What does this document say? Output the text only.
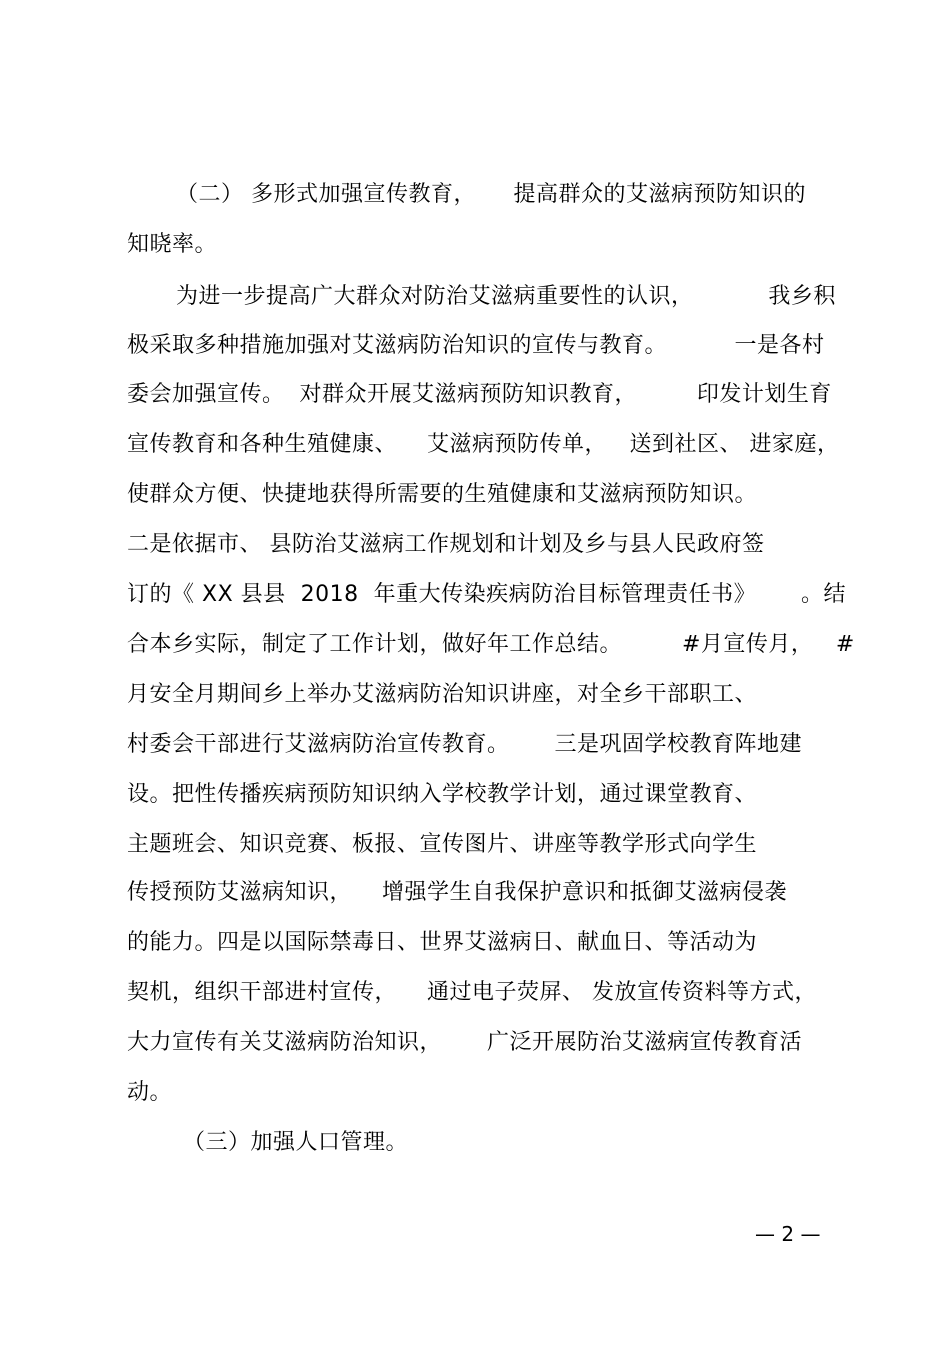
（二） 多形式加强宣传教育，     提高群众的艾滋病预防知识的
知晓率。
为进一步提高广大群众对防治艾滋病重要性的认识，          我乡积
极采取多种措施加强对艾滋病防治知识的宣传与教育。         一是各村
委会加强宣传。  对群众开展艾滋病预防知识教育，        印发计划生育
宣传教育和各种生殖健康、    艾滋病预防传单，   送到社区、 进家庭，
使群众方便、快捷地获得所需要的生殖健康和艾滋病预防知识。
二是依据市、 县防治艾滋病工作规划和计划及乡与县人民政府签
订的《 XX 县县  2018  年重大传染疾病防治目标管理责任书》      。结
合本乡实际，制定了工作计划，做好年工作总结。        #月宣传月，   #
月安全月期间乡上举办艾滋病防治知识讲座，对全乡干部职工、
村委会干部进行艾滋病防治宣传教育。      三是巩固学校教育阵地建
设。把性传播疾病预防知识纳入学校教学计划，通过课堂教育、
主题班会、知识竞赛、板报、宣传图片、讲座等教学形式向学生
传授预防艾滋病知识，    增强学生自我保护意识和抵御艾滋病侵袭
的能力。四是以国际禁毒日、世界艾滋病日、献血日、等活动为
契机，组织干部进村宣传，    通过电子荧屏、 发放宣传资料等方式，
大力宣传有关艾滋病防治知识，      广泛开展防治艾滋病宣传教育活
动。
（三）加强人口管理。
— 2 —
